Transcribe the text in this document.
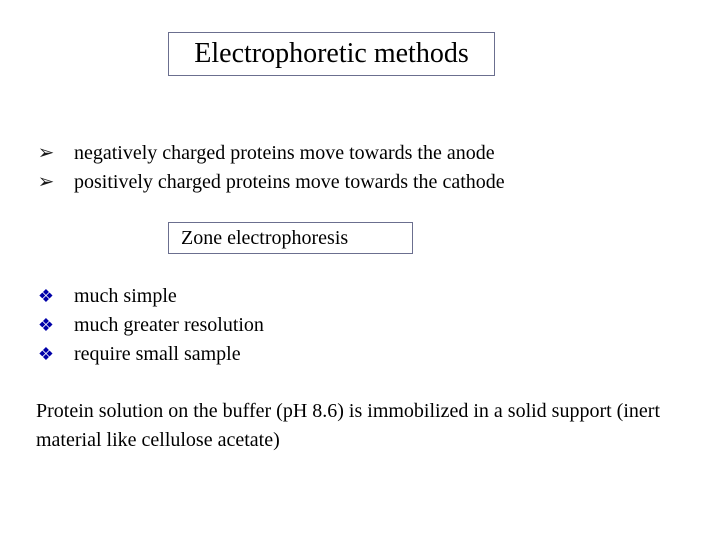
Electrophoretic methods
➢ negatively charged proteins move towards the anode
➢ positively charged proteins move towards the cathode
Zone electrophoresis
❖ much simple
❖ much greater resolution
❖ require small sample

Protein solution on the buffer (pH 8.6) is immobilized in a solid support (inert material like cellulose acetate)
